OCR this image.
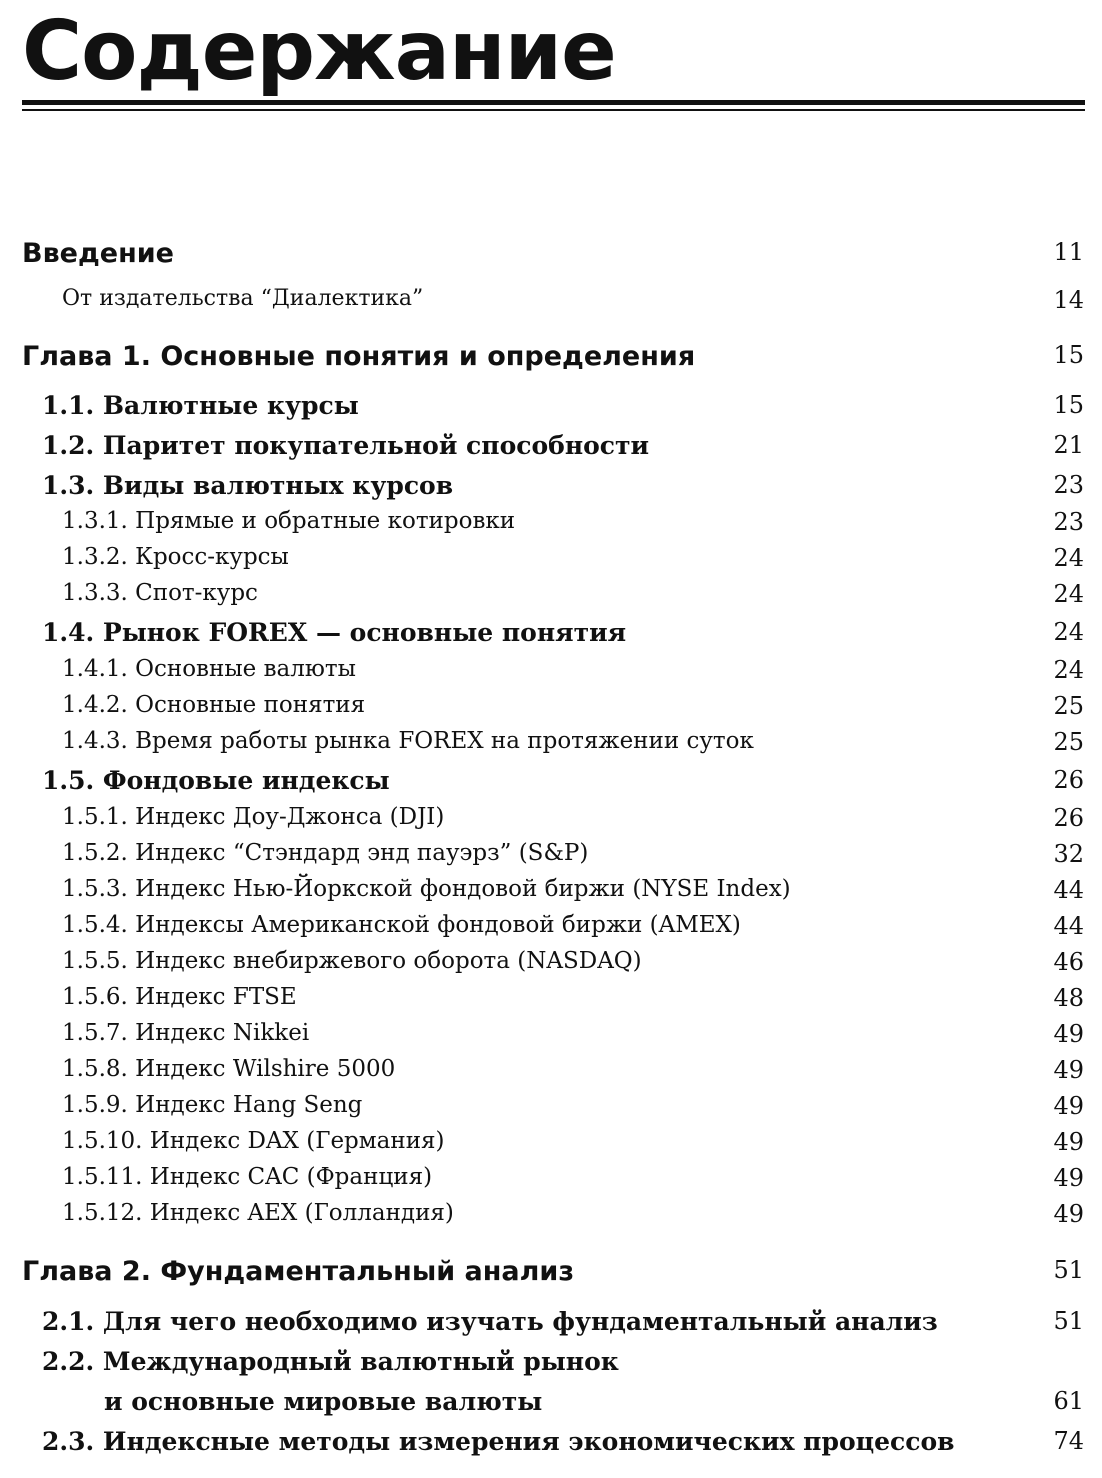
Содержание
Введение	11
От издательства “Диалектика”	14
Глава 1. Основные понятия и определения	15
1.1. Валютные курсы	15
1.2. Паритет покупательной способности	21
1.3. Виды валютных курсов	23
1.3.1. Прямые и обратные котировки	23
1.3.2. Кросс-курсы	24
1.3.3. Спот-курс	24
1.4. Рынок FOREX — основные понятия	24
1.4.1. Основные валюты	24
1.4.2. Основные понятия	25
1.4.3. Время работы рынка FOREX на протяжении суток	25
1.5. Фондовые индексы	26
1.5.1. Индекс Доу-Джонса (DJI)	26
1.5.2. Индекс “Стэндард энд пауэрз” (S&P)	32
1.5.3. Индекс Нью-Йоркской фондовой биржи (NYSE Index)	44
1.5.4. Индексы Американской фондовой биржи (AMEX)	44
1.5.5. Индекс внебиржевого оборота (NASDAQ)	46
1.5.6. Индекс FTSE	48
1.5.7. Индекс Nikkei	49
1.5.8. Индекс Wilshire 5000	49
1.5.9. Индекс Hang Seng	49
1.5.10. Индекс DAX (Германия)	49
1.5.11. Индекс CAC (Франция)	49
1.5.12. Индекс AEX (Голландия)	49
Глава 2. Фундаментальный анализ	51
2.1. Для чего необходимо изучать фундаментальный анализ	51
2.2. Международный валютный рынок
и основные мировые валюты	61
2.3. Индексные методы измерения экономических процессов	74
